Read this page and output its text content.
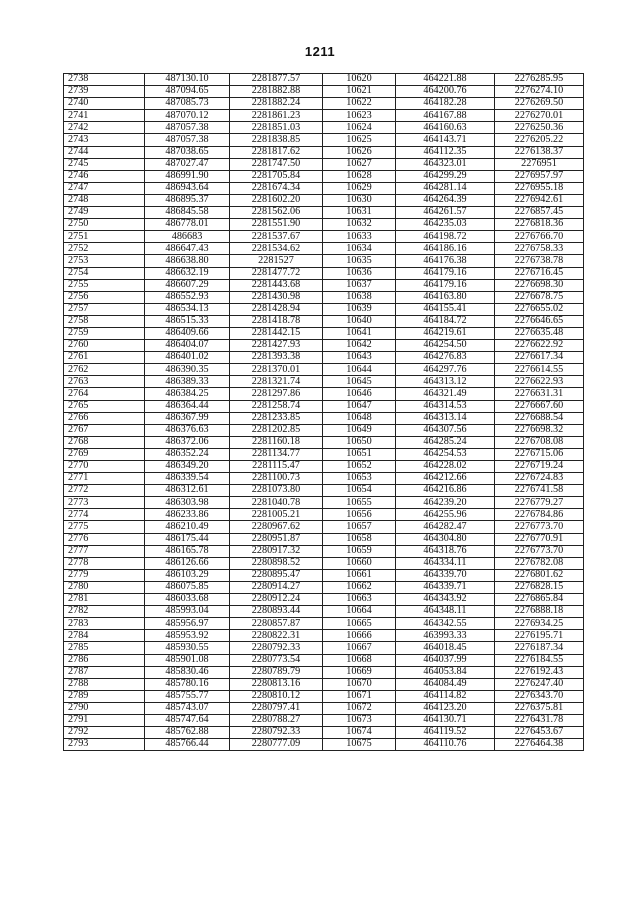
1211
2738	487130.10	2281877.57	10620	464221.88	2276285.95
2739	487094.65	2281882.88	10621	464200.76	2276274.10
2740	487085.73	2281882.24	10622	464182.28	2276269.50
2741	487070.12	2281861.23	10623	464167.88	2276270.01
2742	487057.38	2281851.03	10624	464160.63	2276250.36
2743	487057.38	2281838.85	10625	464143.71	2276205.22
2744	487038.65	2281817.62	10626	464112.35	2276138.37
2745	487027.47	2281747.50	10627	464323.01	2276951
2746	486991.90	2281705.84	10628	464299.29	2276957.97
2747	486943.64	2281674.34	10629	464281.14	2276955.18
2748	486895.37	2281602.20	10630	464264.39	2276942.61
2749	486845.58	2281562.06	10631	464261.57	2276857.45
2750	486778.01	2281551.90	10632	464235.03	2276818.36
2751	486683	2281537.67	10633	464198.72	2276766.70
2752	486647.43	2281534.62	10634	464186.16	2276758.33
2753	486638.80	2281527	10635	464176.38	2276738.78
2754	486632.19	2281477.72	10636	464179.16	2276716.45
2755	486607.29	2281443.68	10637	464179.16	2276698.30
2756	486552.93	2281430.98	10638	464163.80	2276678.75
2757	486534.13	2281428.94	10639	464155.41	2276655.02
2758	486515.33	2281418.78	10640	464184.72	2276646.65
2759	486409.66	2281442.15	10641	464219.61	2276635.48
2760	486404.07	2281427.93	10642	464254.50	2276622.92
2761	486401.02	2281393.38	10643	464276.83	2276617.34
2762	486390.35	2281370.01	10644	464297.76	2276614.55
2763	486389.33	2281321.74	10645	464313.12	2276622.93
2764	486384.25	2281297.86	10646	464321.49	2276631.31
2765	486364.44	2281258.74	10647	464314.53	2276667.60
2766	486367.99	2281233.85	10648	464313.14	2276688.54
2767	486376.63	2281202.85	10649	464307.56	2276698.32
2768	486372.06	2281160.18	10650	464285.24	2276708.08
2769	486352.24	2281134.77	10651	464254.53	2276715.06
2770	486349.20	2281115.47	10652	464228.02	2276719.24
2771	486339.54	2281100.73	10653	464212.66	2276724.83
2772	486312.61	2281073.80	10654	464216.86	2276741.58
2773	486303.98	2281040.78	10655	464239.20	2276779.27
2774	486233.86	2281005.21	10656	464255.96	2276784.86
2775	486210.49	2280967.62	10657	464282.47	2276773.70
2776	486175.44	2280951.87	10658	464304.80	2276770.91
2777	486165.78	2280917.32	10659	464318.76	2276773.70
2778	486126.66	2280898.52	10660	464334.11	2276782.08
2779	486103.29	2280895.47	10661	464339.70	2276801.62
2780	486075.85	2280914.27	10662	464339.71	2276828.15
2781	486033.68	2280912.24	10663	464343.92	2276865.84
2782	485993.04	2280893.44	10664	464348.11	2276888.18
2783	485956.97	2280857.87	10665	464342.55	2276934.25
2784	485953.92	2280822.31	10666	463993.33	2276195.71
2785	485930.55	2280792.33	10667	464018.45	2276187.34
2786	485901.08	2280773.54	10668	464037.99	2276184.55
2787	485830.46	2280789.79	10669	464053.84	2276192.43
2788	485780.16	2280813.16	10670	464084.49	2276247.40
2789	485755.77	2280810.12	10671	464114.82	2276343.70
2790	485743.07	2280797.41	10672	464123.20	2276375.81
2791	485747.64	2280788.27	10673	464130.71	2276431.78
2792	485762.88	2280792.33	10674	464119.52	2276453.67
2793	485766.44	2280777.09	10675	464110.76	2276464.38
